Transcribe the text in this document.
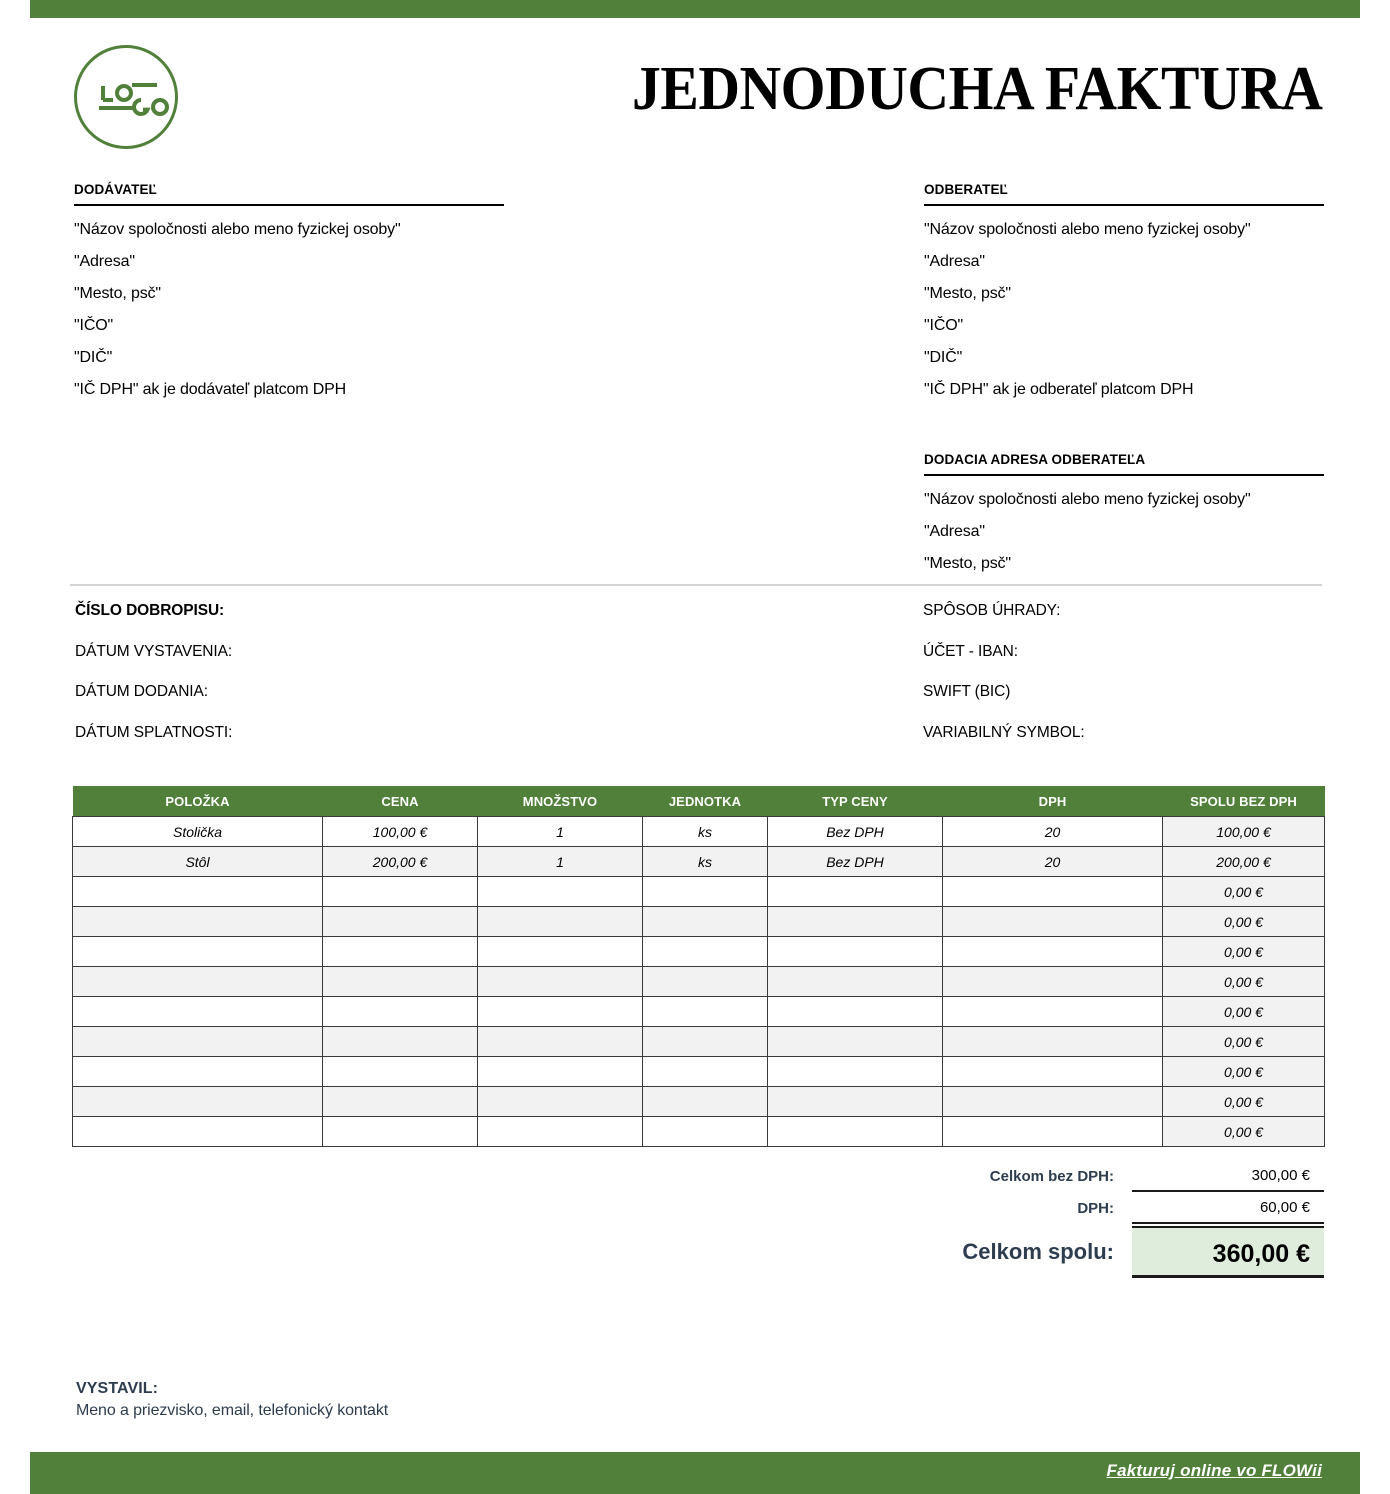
JEDNODUCHA FAKTURA
DODÁVATEĽ
"Názov spoločnosti alebo meno fyzickej osoby"
"Adresa"
"Mesto, psč"
"IČO"
"DIČ"
"IČ DPH" ak je dodávateľ platcom DPH
ODBERATEĽ
"Názov spoločnosti alebo meno fyzickej osoby"
"Adresa"
"Mesto, psč"
"IČO"
"DIČ"
"IČ DPH" ak je odberateľ platcom DPH
DODACIA ADRESA ODBERATEĽA
"Názov spoločnosti alebo meno fyzickej osoby"
"Adresa"
"Mesto, psč"
ČÍSLO DOBROPISU:
DÁTUM VYSTAVENIA:
DÁTUM DODANIA:
DÁTUM SPLATNOSTI:
SPÔSOB ÚHRADY:
ÚČET - IBAN:
SWIFT (BIC)
VARIABILNÝ SYMBOL:
POLOŽKA	CENA	MNOŽSTVO	JEDNOTKA	TYP CENY	DPH	SPOLU BEZ DPH
Stolička	100,00 €	1	ks	Bez DPH	20	100,00 €
Stôl	200,00 €	1	ks	Bez DPH	20	200,00 €
						0,00 €
						0,00 €
						0,00 €
						0,00 €
						0,00 €
						0,00 €
						0,00 €
						0,00 €
						0,00 €
Celkom bez DPH:	300,00 €
DPH:	60,00 €
Celkom spolu:	360,00 €
VYSTAVIL:
Meno a priezvisko, email, telefonický kontakt
Fakturuj online vo FLOWii
